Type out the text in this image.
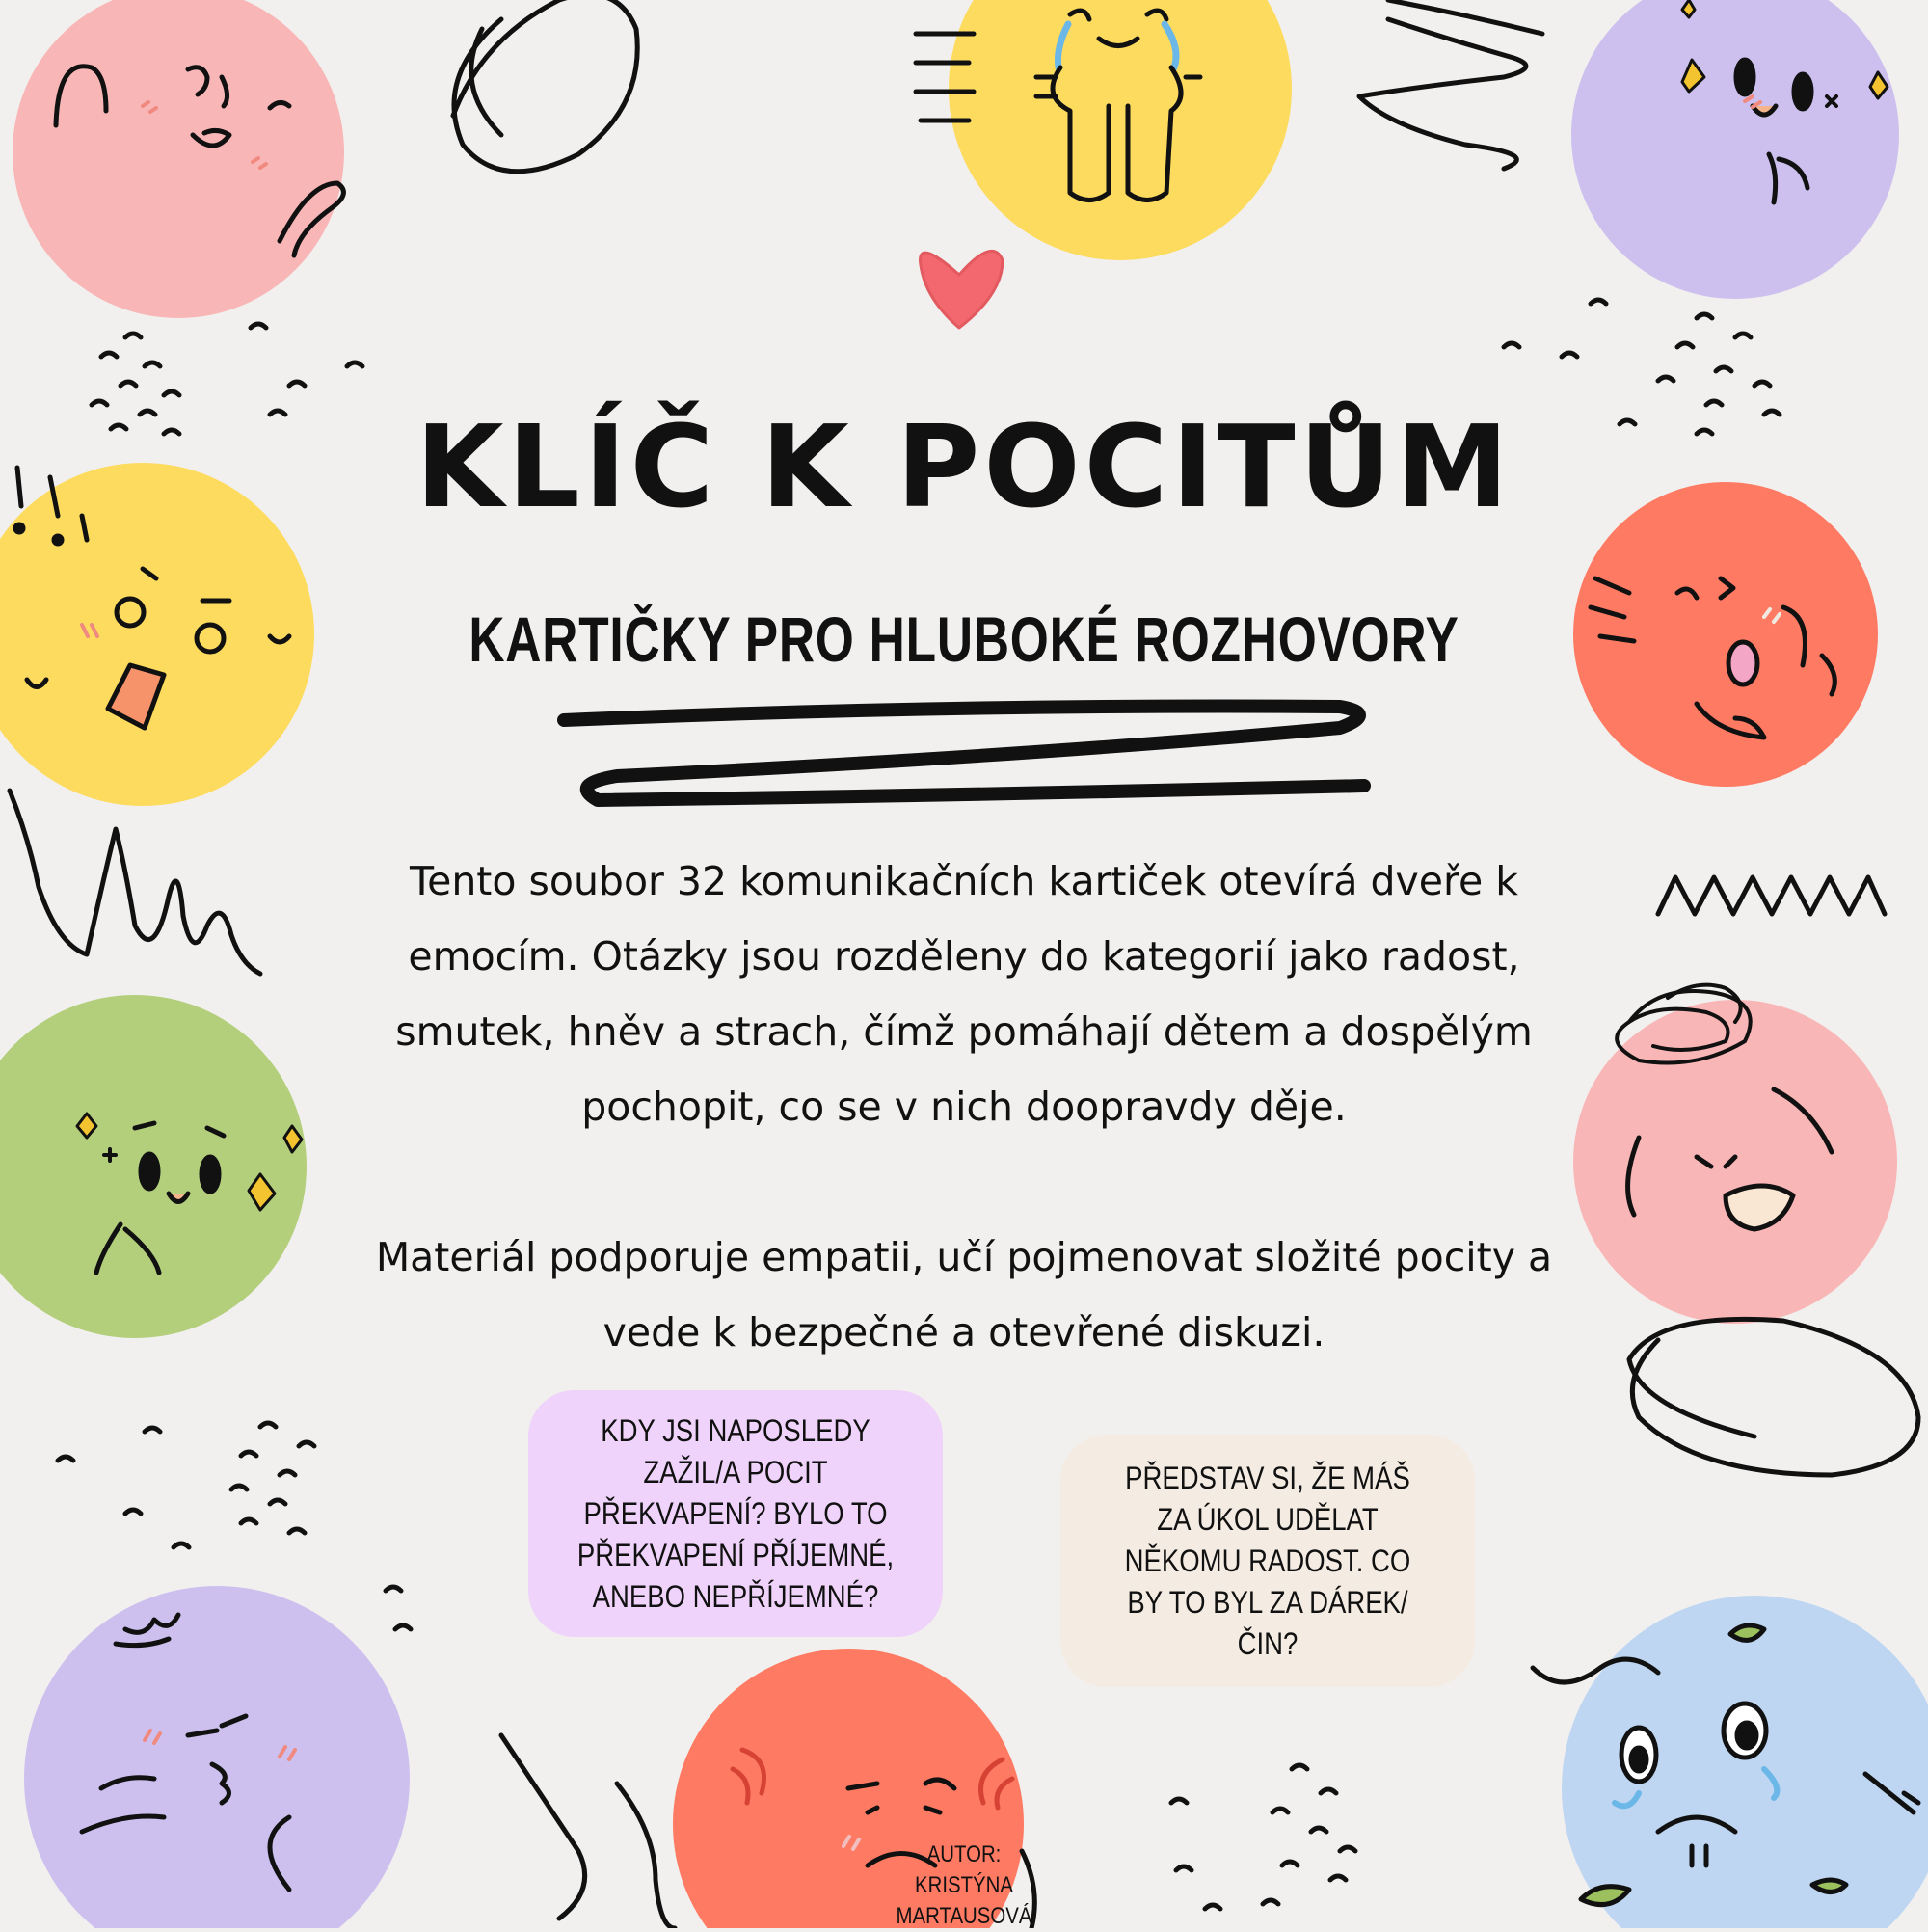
KLÍČ K POCITŮM
KARTIČKY PRO HLUBOKÉ ROZHOVORY

Tento soubor 32 komunikačních kartiček otevírá dveře k emocím. Otázky jsou rozděleny do kategorií jako radost, smutek, hněv a strach, čímž pomáhají dětem a dospělým pochopit, co se v nich doopravdy děje.

Materiál podporuje empatii, učí pojmenovat složité pocity a vede k bezpečné a otevřené diskuzi.

KDY JSI NAPOSLEDY ZAŽIL/A POCIT PŘEKVAPENÍ? BYLO TO PŘEKVAPENÍ PŘÍJEMNÉ, ANEBO NEPŘÍJEMNÉ?
PŘEDSTAV SI, ŽE MÁŠ ZA ÚKOL UDĚLAT NĚKOMU RADOST. CO BY TO BYL ZA DÁREK/ČIN?
AUTOR:
KRISTÝNA MARTAUSOVÁ
